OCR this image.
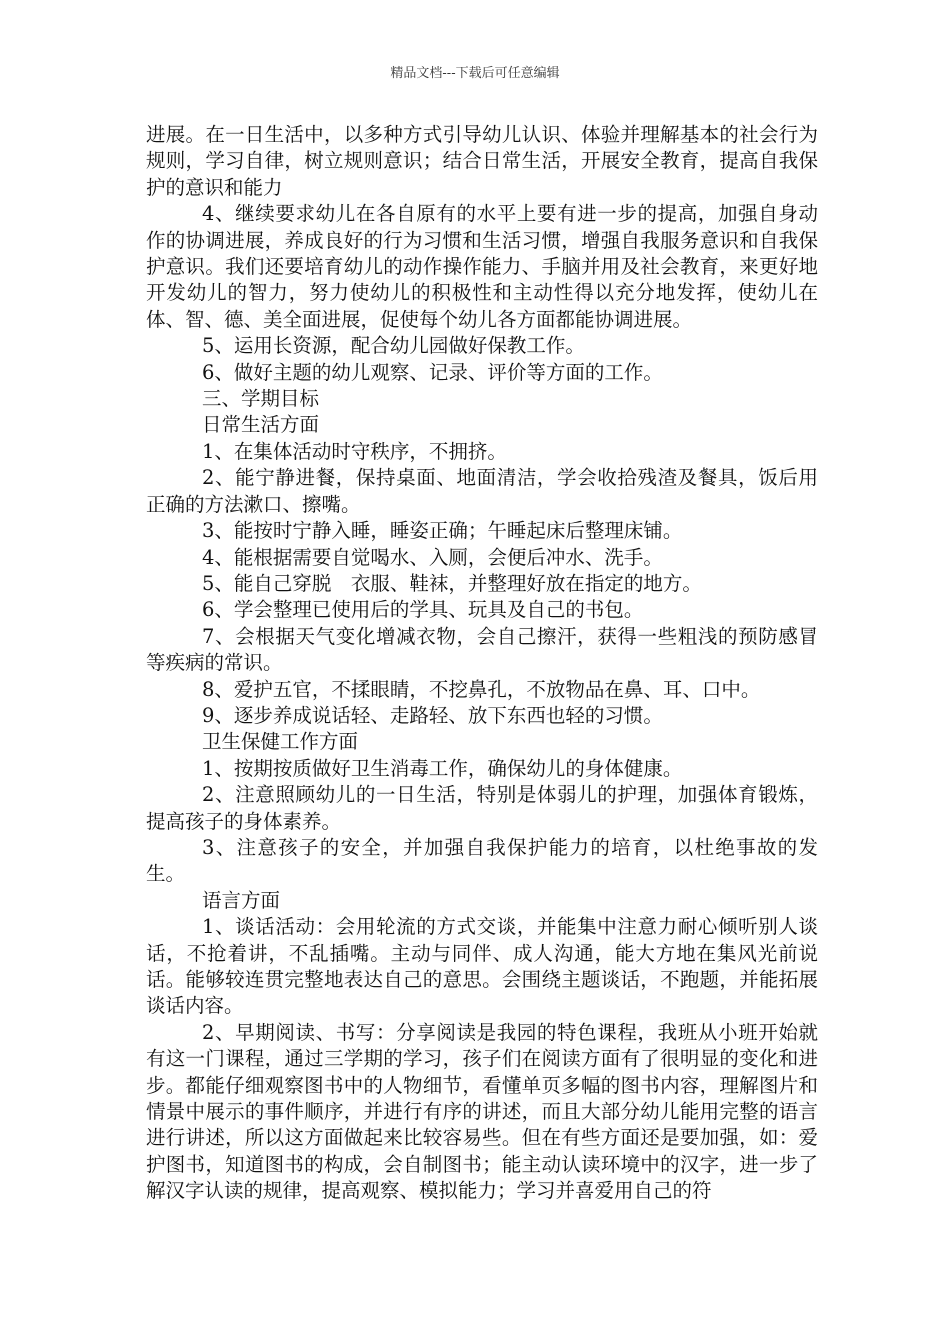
精品文档---下载后可任意编辑

进展。在一日生活中，以多种方式引导幼儿认识、体验并理解基本的社会行为规则，学习自律，树立规则意识；结合日常生活，开展安全教育，提高自我保护的意识和能力

4、继续要求幼儿在各自原有的水平上要有进一步的提高，加强自身动作的协调进展，养成良好的行为习惯和生活习惯，增强自我服务意识和自我保护意识。我们还要培育幼儿的动作操作能力、手脑并用及社会教育，来更好地开发幼儿的智力，努力使幼儿的积极性和主动性得以充分地发挥，使幼儿在体、智、德、美全面进展，促使每个幼儿各方面都能协调进展。

5、运用长资源，配合幼儿园做好保教工作。

6、做好主题的幼儿观察、记录、评价等方面的工作。

三、学期目标

日常生活方面

1、在集体活动时守秩序，不拥挤。

2、能宁静进餐，保持桌面、地面清洁，学会收拾残渣及餐具，饭后用正确的方法漱口、擦嘴。

3、能按时宁静入睡，睡姿正确；午睡起床后整理床铺。

4、能根据需要自觉喝水、入厕，会便后冲水、洗手。

5、能自己穿脱　衣服、鞋袜，并整理好放在指定的地方。

6、学会整理已使用后的学具、玩具及自己的书包。

7、会根据天气变化增减衣物，会自己擦汗，获得一些粗浅的预防感冒等疾病的常识。

8、爱护五官，不揉眼睛，不挖鼻孔，不放物品在鼻、耳、口中。

9、逐步养成说话轻、走路轻、放下东西也轻的习惯。

卫生保健工作方面

1、按期按质做好卫生消毒工作，确保幼儿的身体健康。

2、注意照顾幼儿的一日生活，特别是体弱儿的护理，加强体育锻炼，提高孩子的身体素养。

3、注意孩子的安全，并加强自我保护能力的培育，以杜绝事故的发生。

语言方面

1、谈话活动：会用轮流的方式交谈，并能集中注意力耐心倾听别人谈话，不抢着讲，不乱插嘴。主动与同伴、成人沟通，能大方地在集风光前说话。能够较连贯完整地表达自己的意思。会围绕主题谈话，不跑题，并能拓展谈话内容。

2、早期阅读、书写：分享阅读是我园的特色课程，我班从小班开始就有这一门课程，通过三学期的学习，孩子们在阅读方面有了很明显的变化和进步。都能仔细观察图书中的人物细节，看懂单页多幅的图书内容，理解图片和情景中展示的事件顺序，并进行有序的讲述，而且大部分幼儿能用完整的语言进行讲述，所以这方面做起来比较容易些。但在有些方面还是要加强，如：爱护图书，知道图书的构成，会自制图书；能主动认读环境中的汉字，进一步了解汉字认读的规律，提高观察、模拟能力；学习并喜爱用自己的符
